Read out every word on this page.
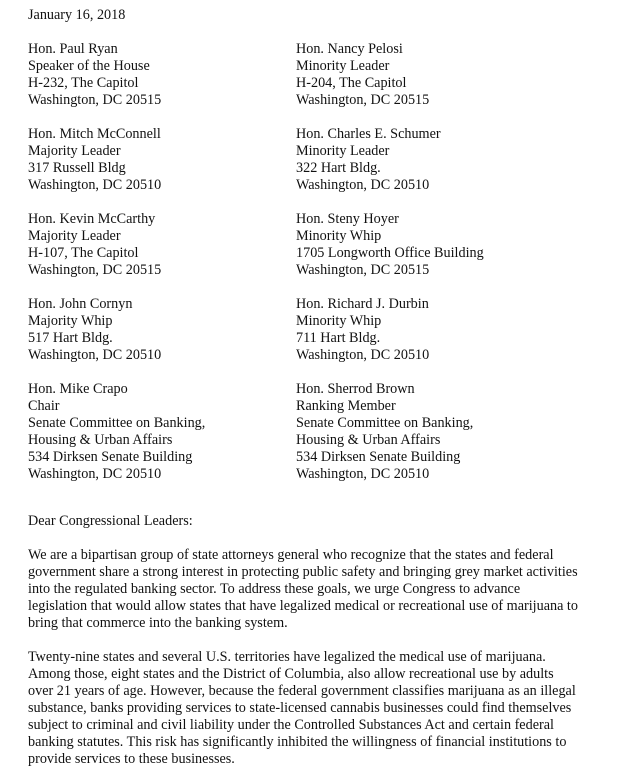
January 16, 2018
Hon. Paul Ryan
Speaker of the House
H-232, The Capitol
Washington, DC 20515
Hon. Nancy Pelosi
Minority Leader
H-204, The Capitol
Washington, DC 20515
Hon. Mitch McConnell
Majority Leader
317 Russell Bldg
Washington, DC 20510
Hon. Charles E. Schumer
Minority Leader
322 Hart Bldg.
Washington, DC 20510
Hon. Kevin McCarthy
Majority Leader
H-107, The Capitol
Washington, DC 20515
Hon. Steny Hoyer
Minority Whip
1705 Longworth Office Building
Washington, DC 20515
Hon. John Cornyn
Majority Whip
517 Hart Bldg.
Washington, DC 20510
Hon. Richard J. Durbin
Minority Whip
711 Hart Bldg.
Washington, DC 20510
Hon. Mike Crapo
Chair
Senate Committee on Banking,
Housing & Urban Affairs
534 Dirksen Senate Building
Washington, DC 20510
Hon. Sherrod Brown
Ranking Member
Senate Committee on Banking,
Housing & Urban Affairs
534 Dirksen Senate Building
Washington, DC 20510
Dear Congressional Leaders:
We are a bipartisan group of state attorneys general who recognize that the states and federal
government share a strong interest in protecting public safety and bringing grey market activities
into the regulated banking sector. To address these goals, we urge Congress to advance
legislation that would allow states that have legalized medical or recreational use of marijuana to
bring that commerce into the banking system.
Twenty-nine states and several U.S. territories have legalized the medical use of marijuana.
Among those, eight states and the District of Columbia, also allow recreational use by adults
over 21 years of age. However, because the federal government classifies marijuana as an illegal
substance, banks providing services to state-licensed cannabis businesses could find themselves
subject to criminal and civil liability under the Controlled Substances Act and certain federal
banking statutes. This risk has significantly inhibited the willingness of financial institutions to
provide services to these businesses.
